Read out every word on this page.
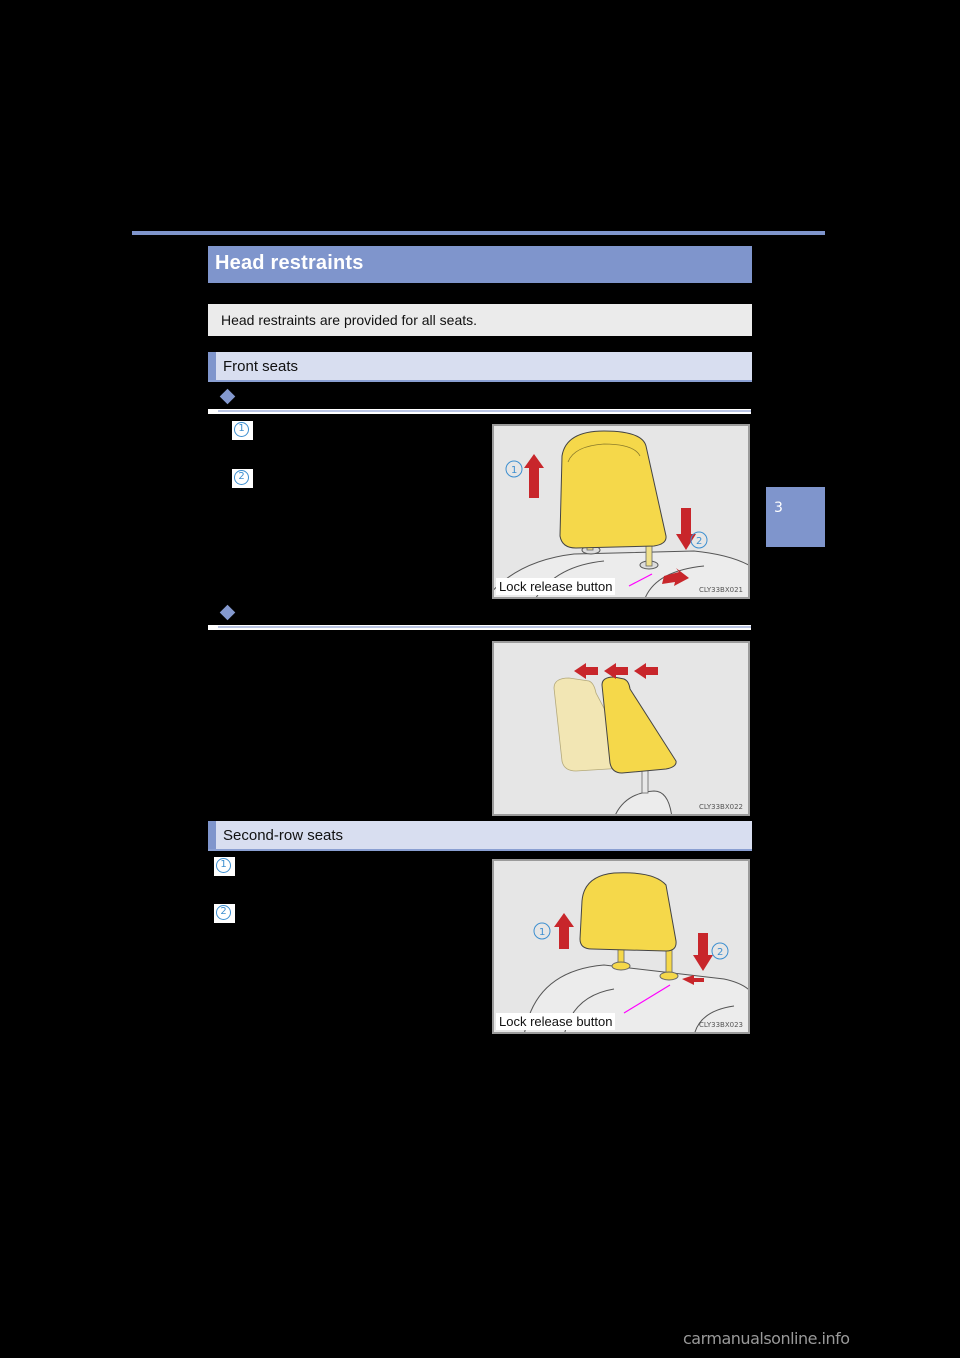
3
Head restraints
Head restraints are provided for all seats.
Front seats
1
2
1
2
Lock release button	CLY33BX021
CLY33BX022
Second-row seats
1
2
1
2
Lock release button	CLY33BX023
carmanualsonline.info
